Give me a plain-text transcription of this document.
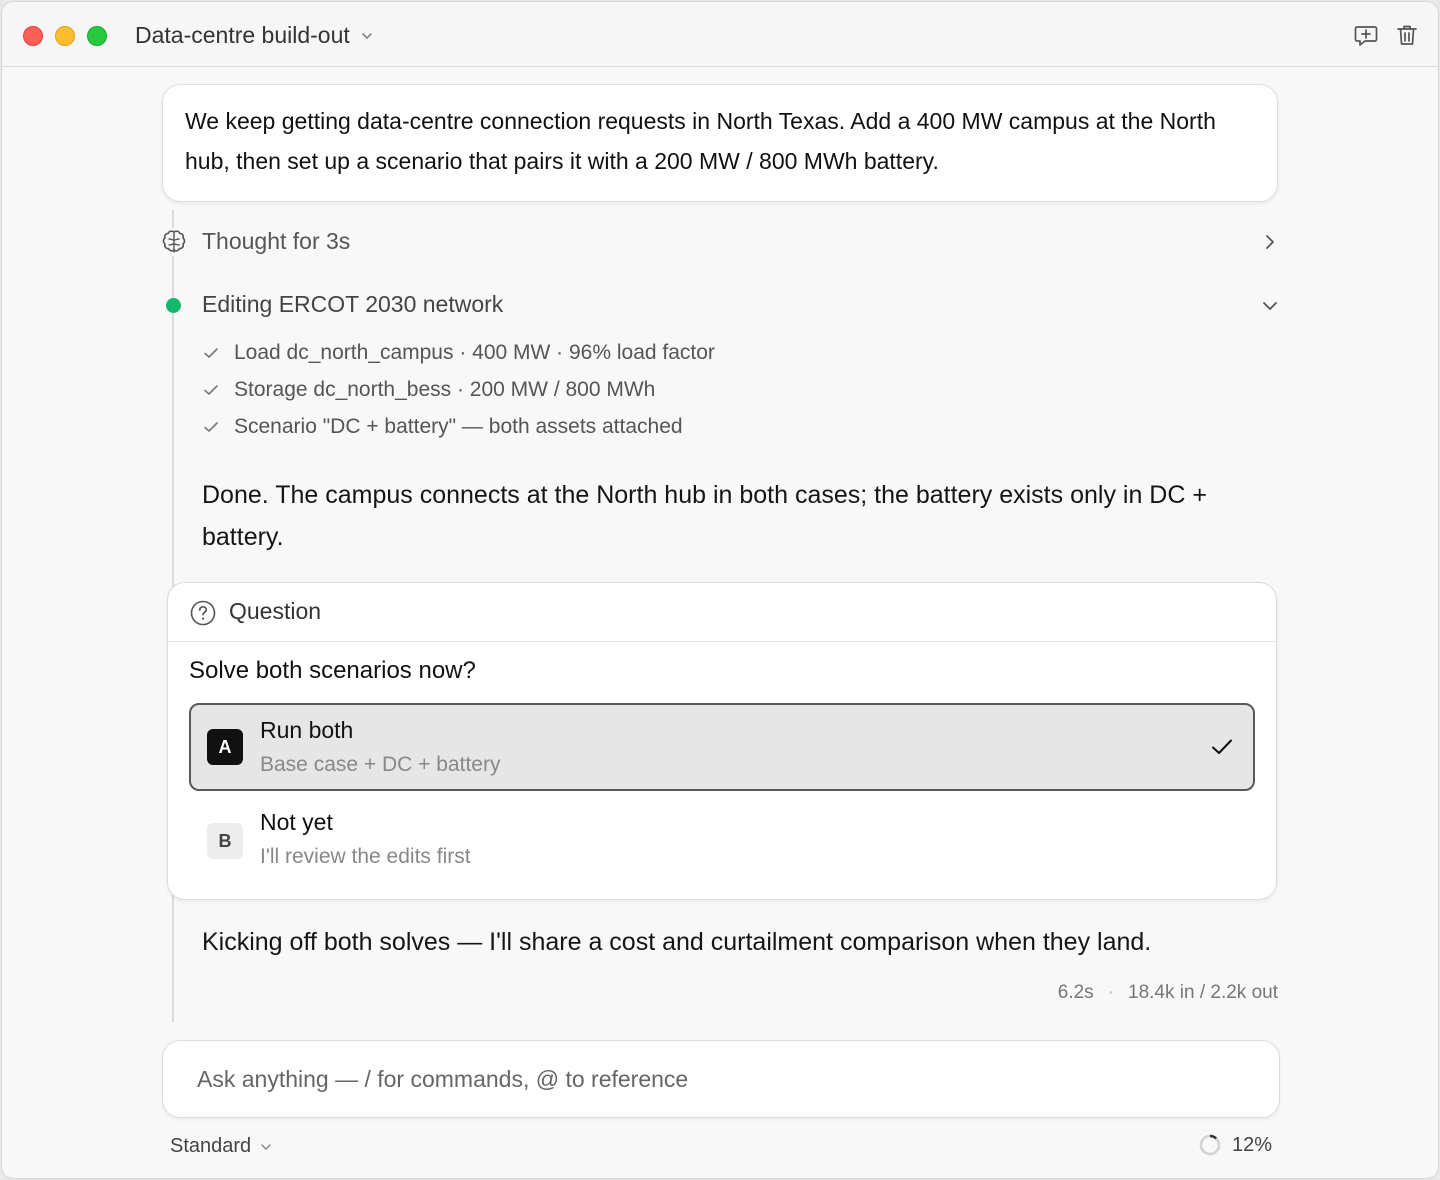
Data-centre build-out

We keep getting data-centre connection requests in North Texas. Add a 400 MW campus at the North hub, then set up a scenario that pairs it with a 200 MW / 800 MWh battery.

Thought for 3s
Editing ERCOT 2030 network
Load dc_north_campus · 400 MW · 96% load factor
Storage dc_north_bess · 200 MW / 800 MWh
Scenario "DC + battery" — both assets attached
Done. The campus connects at the North hub in both cases; the battery exists only in DC + battery.
Question
Solve both scenarios now?
A
Run both
Base case + DC + battery
B
Not yet
I'll review the edits first
Kicking off both solves — I'll share a cost and curtailment comparison when they land.
6.2s · 18.4k in / 2.2k out
Ask anything — / for commands, @ to reference
Standard	12%
